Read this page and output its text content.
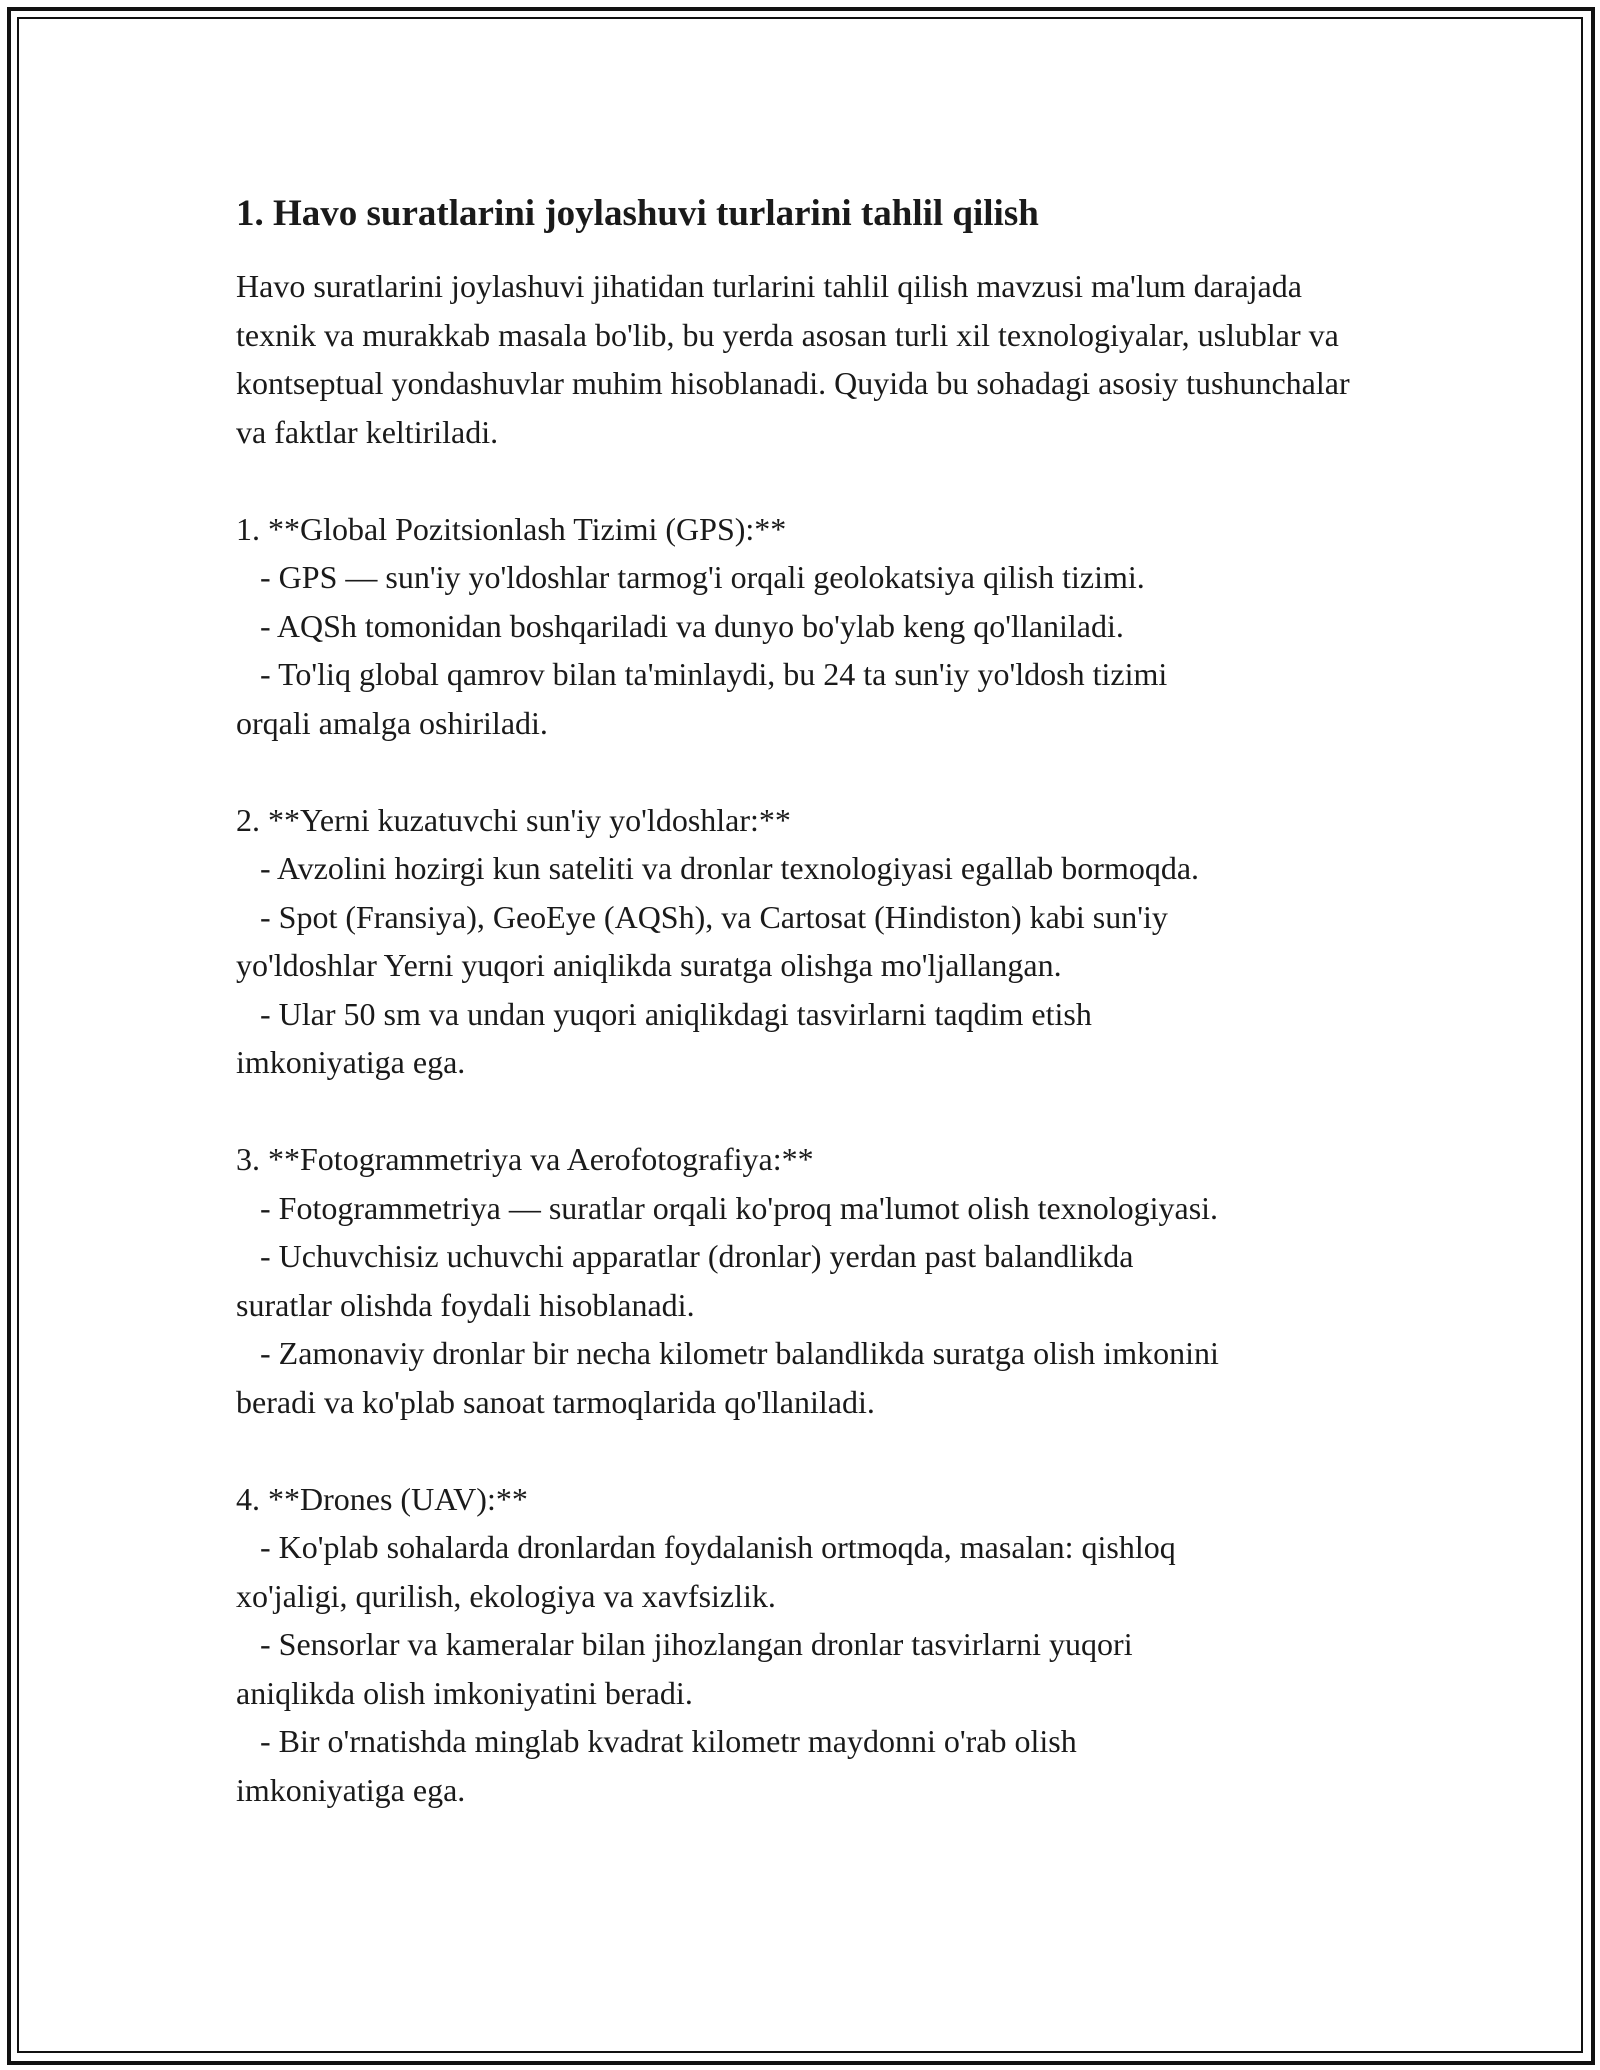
1. Havo suratlarini joylashuvi turlarini tahlil qilish

Havo suratlarini joylashuvi jihatidan turlarini tahlil qilish mavzusi ma'lum darajada texnik va murakkab masala bo'lib, bu yerda asosan turli xil texnologiyalar, uslublar va kontseptual yondashuvlar muhim hisoblanadi. Quyida bu sohadagi asosiy tushunchalar va faktlar keltiriladi.

1. **Global Pozitsionlash Tizimi (GPS):**

- GPS — sun'iy yo'ldoshlar tarmog'i orqali geolokatsiya qilish tizimi.

- AQSh tomonidan boshqariladi va dunyo bo'ylab keng qo'llaniladi.

- To'liq global qamrov bilan ta'minlaydi, bu 24 ta sun'iy yo'ldosh tizimi
orqali amalga oshiriladi.

2. **Yerni kuzatuvchi sun'iy yo'ldoshlar:**

- Avzolini hozirgi kun sateliti va dronlar texnologiyasi egallab bormoqda.

- Spot (Fransiya), GeoEye (AQSh), va Cartosat (Hindiston) kabi sun'iy
yo'ldoshlar Yerni yuqori aniqlikda suratga olishga mo'ljallangan.

- Ular 50 sm va undan yuqori aniqlikdagi tasvirlarni taqdim etish
imkoniyatiga ega.

3. **Fotogrammetriya va Aerofotografiya:**

- Fotogrammetriya — suratlar orqali ko'proq ma'lumot olish texnologiyasi.

- Uchuvchisiz uchuvchi apparatlar (dronlar) yerdan past balandlikda
suratlar olishda foydali hisoblanadi.

- Zamonaviy dronlar bir necha kilometr balandlikda suratga olish imkonini
beradi va ko'plab sanoat tarmoqlarida qo'llaniladi.

4. **Drones (UAV):**

- Ko'plab sohalarda dronlardan foydalanish ortmoqda, masalan: qishloq
xo'jaligi, qurilish, ekologiya va xavfsizlik.

- Sensorlar va kameralar bilan jihozlangan dronlar tasvirlarni yuqori
aniqlikda olish imkoniyatini beradi.

- Bir o'rnatishda minglab kvadrat kilometr maydonni o'rab olish
imkoniyatiga ega.
